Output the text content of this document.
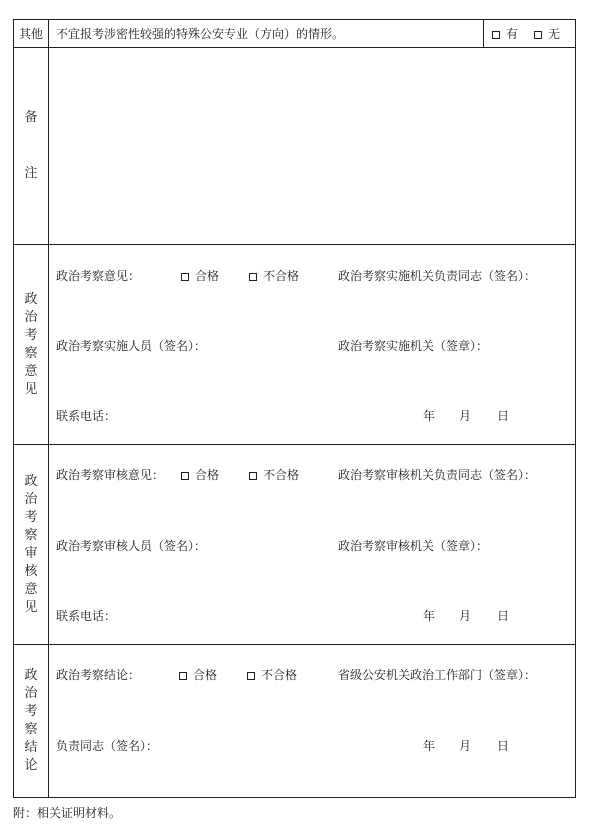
其他 不宜报考涉密性较强的特殊公安专业（方向）的情形。	有	无
备
注
政
治
考
察
意
见
政治考察意见：	合格	不合格	政治考察实施机关负责同志（签名）：
政治考察实施人员（签名）：	政治考察实施机关（签章）：
联系电话：	年 月 日
政
治
考
察
审
核
意
见
政治考察审核意见：	合格	不合格	政治考察审核机关负责同志（签名）：
政治考察审核人员（签名）：	政治考察审核机关（签章）：
联系电话：	年 月 日
政
治
考
察
结
论
政治考察结论：	合格	不合格	省级公安机关政治工作部门（签章）：
负责同志（签名）：	年 月 日
附：相关证明材料。
